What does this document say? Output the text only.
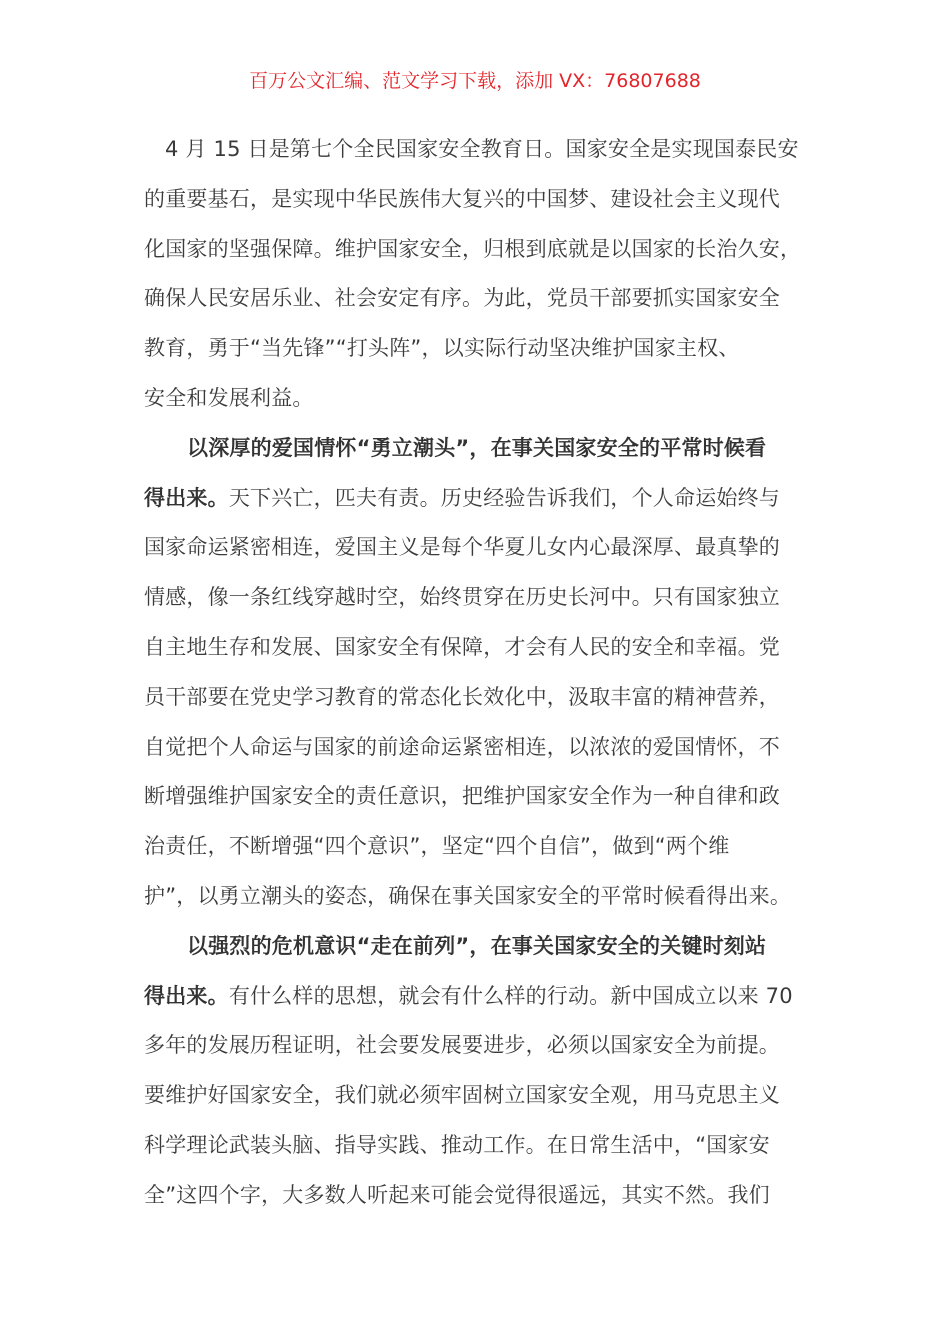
百万公文汇编、范文学习下载，添加 VX：76807688
4 月 15 日是第七个全民国家安全教育日。国家安全是实现国泰民安
的重要基石，是实现中华民族伟大复兴的中国梦、建设社会主义现代
化国家的坚强保障。维护国家安全，归根到底就是以国家的长治久安，
确保人民安居乐业、社会安定有序。为此，党员干部要抓实国家安全
教育，勇于“当先锋”“打头阵”，以实际行动坚决维护国家主权、
安全和发展利益。
以深厚的爱国情怀“勇立潮头”，在事关国家安全的平常时候看
得出来。天下兴亡，匹夫有责。历史经验告诉我们，个人命运始终与
国家命运紧密相连，爱国主义是每个华夏儿女内心最深厚、最真挚的
情感，像一条红线穿越时空，始终贯穿在历史长河中。只有国家独立
自主地生存和发展、国家安全有保障，才会有人民的安全和幸福。党
员干部要在党史学习教育的常态化长效化中，汲取丰富的精神营养，
自觉把个人命运与国家的前途命运紧密相连，以浓浓的爱国情怀，不
断增强维护国家安全的责任意识，把维护国家安全作为一种自律和政
治责任，不断增强“四个意识”，坚定“四个自信”，做到“两个维
护”，以勇立潮头的姿态，确保在事关国家安全的平常时候看得出来。
以强烈的危机意识“走在前列”，在事关国家安全的关键时刻站
得出来。有什么样的思想，就会有什么样的行动。新中国成立以来 70
多年的发展历程证明，社会要发展要进步，必须以国家安全为前提。
要维护好国家安全，我们就必须牢固树立国家安全观，用马克思主义
科学理论武装头脑、指导实践、推动工作。在日常生活中，“国家安
全”这四个字，大多数人听起来可能会觉得很遥远，其实不然。我们
